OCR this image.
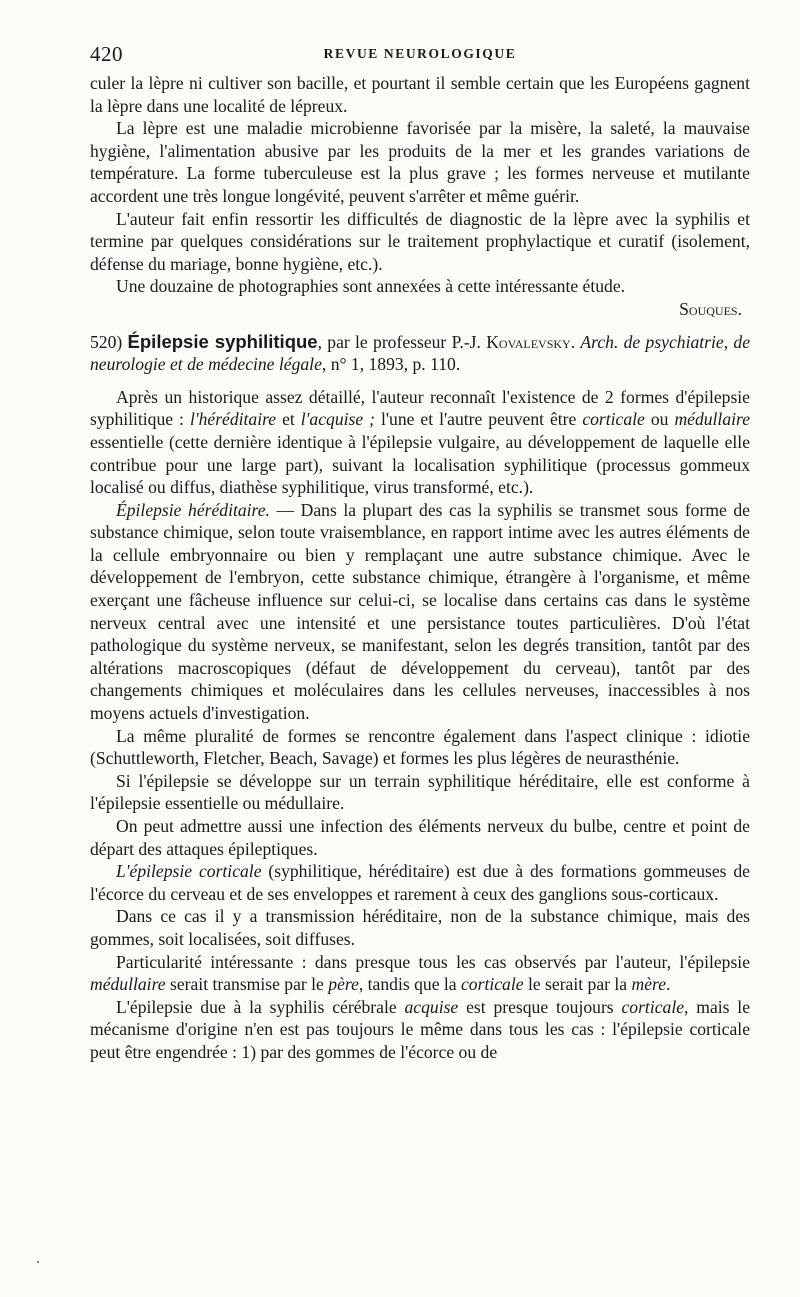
420	REVUE NEUROLOGIQUE

culer la lèpre ni cultiver son bacille, et pourtant il semble certain que les Européens gagnent la lèpre dans une localité de lépreux.

La lèpre est une maladie microbienne favorisée par la misère, la saleté, la mauvaise hygiène, l'alimentation abusive par les produits de la mer et les grandes variations de température. La forme tuberculeuse est la plus grave ; les formes nerveuse et mutilante accordent une très longue longévité, peuvent s'arrêter et même guérir.

L'auteur fait enfin ressortir les difficultés de diagnostic de la lèpre avec la syphilis et termine par quelques considérations sur le traitement prophylactique et curatif (isolement, défense du mariage, bonne hygiène, etc.).

Une douzaine de photographies sont annexées à cette intéressante étude.

Souques.

520) Épilepsie syphilitique, par le professeur P.-J. Kovalevsky. Arch. de psychiatrie, de neurologie et de médecine légale, n° 1, 1893, p. 110.

Après un historique assez détaillé, l'auteur reconnaît l'existence de 2 formes d'épilepsie syphilitique : l'héréditaire et l'acquise ; l'une et l'autre peuvent être corticale ou médullaire essentielle (cette dernière identique à l'épilepsie vulgaire, au développement de laquelle elle contribue pour une large part), suivant la localisation syphilitique (processus gommeux localisé ou diffus, diathèse syphilitique, virus transformé, etc.).

Épilepsie héréditaire. — Dans la plupart des cas la syphilis se transmet sous forme de substance chimique, selon toute vraisemblance, en rapport intime avec les autres éléments de la cellule embryonnaire ou bien y remplaçant une autre substance chimique. Avec le développement de l'embryon, cette substance chimique, étrangère à l'organisme, et même exerçant une fâcheuse influence sur celui-ci, se localise dans certains cas dans le système nerveux central avec une intensité et une persistance toutes particulières. D'où l'état pathologique du système nerveux, se manifestant, selon les degrés transition, tantôt par des altérations macroscopiques (défaut de développement du cerveau), tantôt par des changements chimiques et moléculaires dans les cellules nerveuses, inaccessibles à nos moyens actuels d'investigation.

La même pluralité de formes se rencontre également dans l'aspect clinique : idiotie (Schuttleworth, Fletcher, Beach, Savage) et formes les plus légères de neurasthénie.

Si l'épilepsie se développe sur un terrain syphilitique héréditaire, elle est conforme à l'épilepsie essentielle ou médullaire.

On peut admettre aussi une infection des éléments nerveux du bulbe, centre et point de départ des attaques épileptiques.

L'épilepsie corticale (syphilitique, héréditaire) est due à des formations gommeuses de l'écorce du cerveau et de ses enveloppes et rarement à ceux des ganglions sous-corticaux.

Dans ce cas il y a transmission héréditaire, non de la substance chimique, mais des gommes, soit localisées, soit diffuses.

Particularité intéressante : dans presque tous les cas observés par l'auteur, l'épilepsie médullaire serait transmise par le père, tandis que la corticale le serait par la mère.

L'épilepsie due à la syphilis cérébrale acquise est presque toujours corticale, mais le mécanisme d'origine n'en est pas toujours le même dans tous les cas : l'épilepsie corticale peut être engendrée : 1) par des gommes de l'écorce ou de
